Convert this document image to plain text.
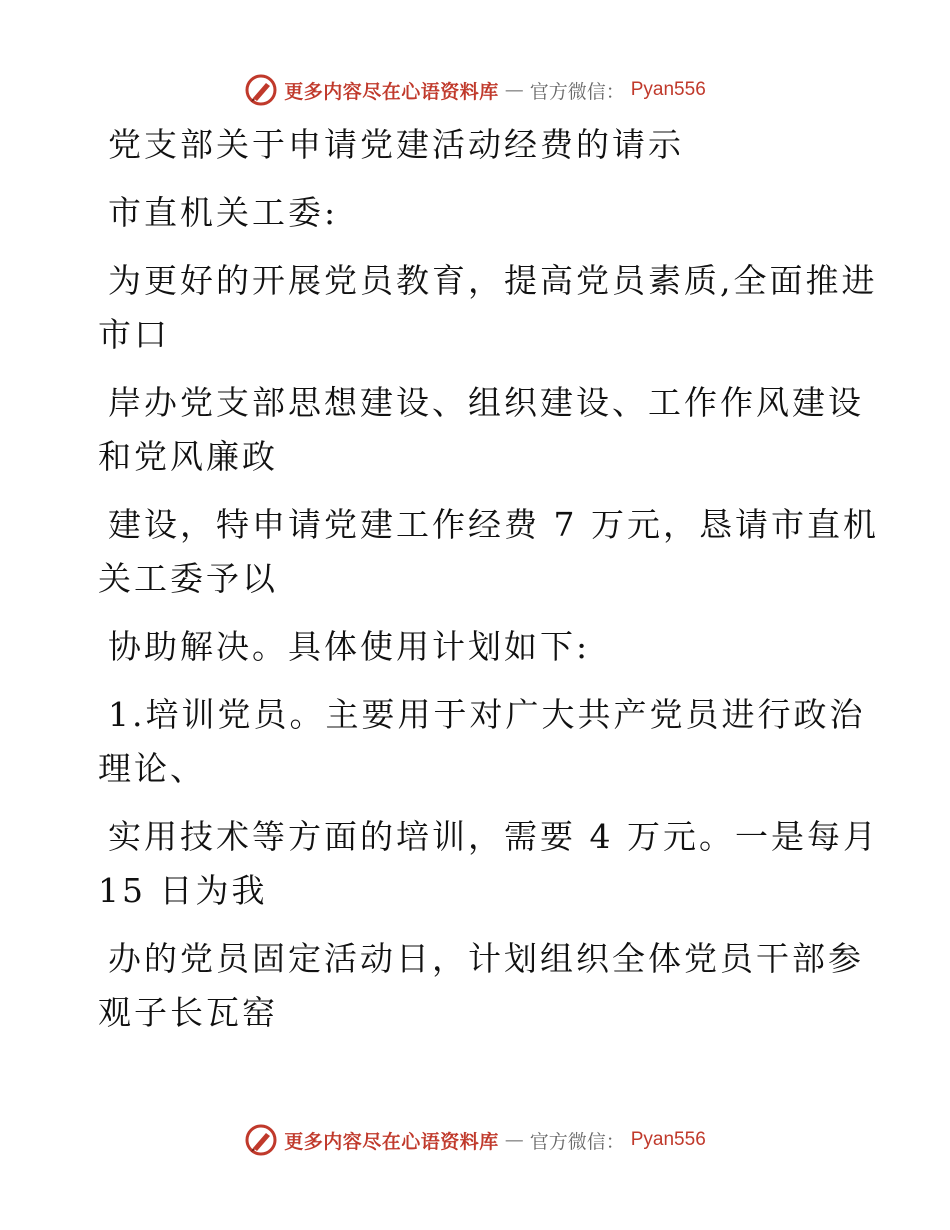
更多内容尽在心语资料库 — 官方微信： Pyan556

党支部关于申请党建活动经费的请示

市直机关工委:

为更好的开展党员教育，提高党员素质,全面推进

市口

岸办党支部思想建设、组织建设、工作作风建设

和党风廉政

建设，特申请党建工作经费 7 万元，恳请市直机

关工委予以

协助解决。具体使用计划如下:

1.培训党员。主要用于对广大共产党员进行政治

理论、

实用技术等方面的培训，需要 4 万元。一是每月

15 日为我

办的党员固定活动日，计划组织全体党员干部参

观子长瓦窑

更多内容尽在心语资料库 — 官方微信： Pyan556
